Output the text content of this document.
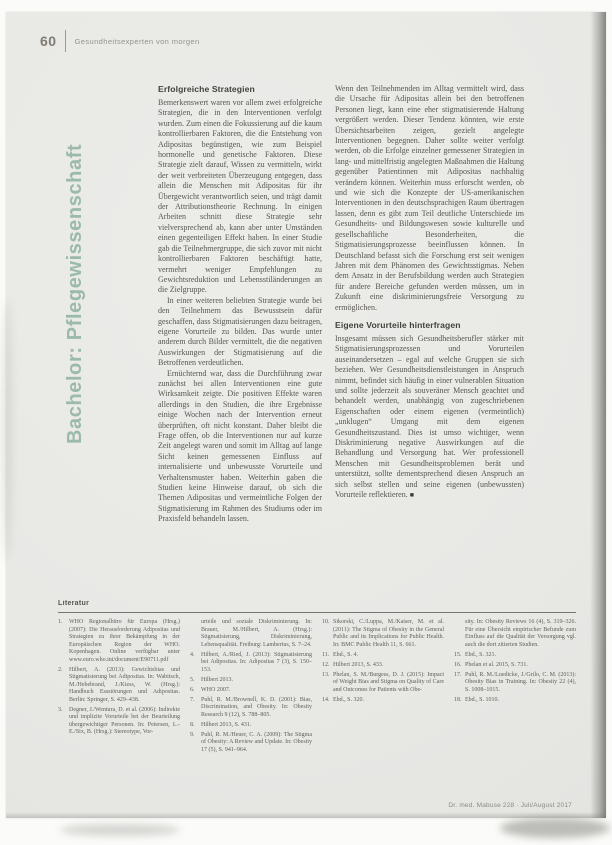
60 Gesundheitsexperten von morgen
Bachelor: Pflegewissenschaft
Erfolgreiche Strategien

Bemerkenswert waren vor allem zwei erfolgreiche Strategien, die in den Interventionen verfolgt wurden. Zum einen die Fokussierung auf die kaum kontrollierbaren Faktoren, die die Entstehung von Adipositas begünstigen, wie zum Beispiel hormonelle und genetische Faktoren. Diese Strategie zielt darauf, Wissen zu vermitteln, wirkt der weit verbreiteten Überzeugung entgegen, dass allein die Menschen mit Adipositas für ihr Übergewicht verantwortlich seien, und trägt damit der Attributionstheorie Rechnung. In einigen Arbeiten schnitt diese Strategie sehr vielversprechend ab, kann aber unter Umständen einen gegenteiligen Effekt haben. In einer Studie gab die Teilnehmergruppe, die sich zuvor mit nicht kontrollierbaren Faktoren beschäftigt hatte, vermehrt weniger Empfehlungen zu Gewichtsreduktion und Lebensstiländerungen an die Zielgruppe.

In einer weiteren beliebten Strategie wurde bei den Teilnehmern das Bewusstsein dafür geschaffen, dass Stigmatisierungen dazu beitragen, eigene Vorurteile zu bilden. Das wurde unter anderem durch Bilder vermittelt, die die negativen Auswirkungen der Stigmatisierung auf die Betroffenen verdeutlichen.

Ernüchternd war, dass die Durchführung zwar zunächst bei allen Interventionen eine gute Wirksamkeit zeigte. Die positiven Effekte waren allerdings in den Studien, die ihre Ergebnisse einige Wochen nach der Intervention erneut überprüften, oft nicht konstant. Daher bleibt die Frage offen, ob die Interventionen nur auf kurze Zeit angelegt waren und somit im Alltag auf lange Sicht keinen gemessenen Einfluss auf internalisierte und unbewusste Vorurteile und Verhaltensmuster haben. Weiterhin gaben die Studien keine Hinweise darauf, ob sich die Themen Adipositas und vermeintliche Folgen der Stigmatisierung im Rahmen des Studiums oder im Praxisfeld behandeln lassen.

Wenn den Teilnehmenden im Alltag vermittelt wird, dass die Ursache für Adipositas allein bei den betroffenen Personen liegt, kann eine eher stigmatisierende Haltung vergrößert werden. Dieser Tendenz könnten, wie erste Übersichtsarbeiten zeigen, gezielt angelegte Interventionen begegnen. Daher sollte weiter verfolgt werden, ob die Erfolge einzelner gemessener Strategien in lang- und mittelfristig angelegten Maßnahmen die Haltung gegenüber Patientinnen mit Adipositas nachhaltig verändern können. Weiterhin muss erforscht werden, ob und wie sich die Konzepte der US-amerikanischen Interventionen in den deutschsprachigen Raum übertragen lassen, denn es gibt zum Teil deutliche Unterschiede im Gesundheits- und Bildungswesen sowie kulturelle und gesellschaftliche Besonderheiten, die Stigmatisierungsprozesse beeinflussen können. In Deutschland befasst sich die Forschung erst seit wenigen Jahren mit dem Phänomen des Gewichtsstigmas. Neben dem Ansatz in der Berufsbildung werden auch Strategien für andere Bereiche gefunden werden müssen, um in Zukunft eine diskriminierungsfreie Versorgung zu ermöglichen.

Eigene Vorurteile hinterfragen

Insgesamt müssen sich Gesundheitsberufler stärker mit Stigmatisierungsprozessen und Vorurteilen auseinandersetzen – egal auf welche Gruppen sie sich beziehen. Wer Gesundheitsdienstleistungen in Anspruch nimmt, befindet sich häufig in einer vulnerablen Situation und sollte jederzeit als souveräner Mensch geachtet und behandelt werden, unabhängig von zugeschriebenen Eigenschaften oder einem eigenen (vermeintlich) „unklugen“ Umgang mit dem eigenen Gesundheitszustand. Dies ist umso wichtiger, wenn Diskriminierung negative Auswirkungen auf die Behandlung und Versorgung hat. Wer professionell Menschen mit Gesundheitsproblemen berät und unterstützt, sollte dementsprechend diesen Anspruch an sich selbst stellen und seine eigenen (unbewussten) Vorurteile reflektieren. ■

Literatur
1. WHO Regionalbüro für Europa (Hrsg.) (2007): Die Herausforderung Adipositas und Strategien zu ihrer Bekämpfung in der Europäischen Region der WHO. Kopenhagen. Online verfügbar unter www.euro.who.int/document/E90711.pdf
2. Hilbert, A. (2013): Gewichtsbias und Stigmatisierung bei Adipositas. In: Wabitsch, M./Hebebrand, J./Kiess, W. (Hrsg.): Handbuch Essstörungen und Adipositas. Berlin: Springer, S. 429–438.
3. Degner, J./Wentura, D. et al. (2006): Indirekte und implizite Vorurteile bei der Beurteilung übergewichtiger Personen. In: Petersen, L.-E./Six, B. (Hrsg.): Stereotype, Vor-
urteile und soziale Diskriminierung. In: Brauer, M./Hilbert, A. (Hrsg.): Stigmatisierung, Diskriminierung, Lebensqualität. Freiburg: Lambertus, S. 7–24.
4. Hilbert, A./Ried, J. (2013): Stigmatisierung bei Adipositas. In: Adipositas 7 (3), S. 150–153.
5. Hilbert 2013.
6. WHO 2007.
7. Puhl, R. M./Brownell, K. D. (2001): Bias, Discrimination, and Obesity. In: Obesity Research 9 (12), S. 788–805.
8. Hilbert 2013, S. 431.
9. Puhl, R. M./Heuer, C. A. (2009): The Stigma of Obesity: A Review and Update. In: Obesity 17 (5), S. 941–964.
10. Sikorski, C./Luppa, M./Kaiser, M. et al. (2011): The Stigma of Obesity in the General Public and its Implications for Public Health. In: BMC Public Health 11, S. 661.
11. Ebd., S. 4.
12. Hilbert 2013, S. 433.
13. Phelan, S. M./Burgess, D. J. (2015): Impact of Weight Bias and Stigma on Quality of Care and Outcomes for Patients with Obe-
14. Ebd., S. 320.
sity. In: Obesity Reviews 16 (4), S. 319–326. Für eine Übersicht empirischer Befunde zum Einfluss auf die Qualität der Versorgung vgl. auch die dort zitierten Studien.
15. Ebd., S. 321.
16. Phelan et al. 2015, S. 731.
17. Puhl, R. M./Luedicke, J./Grilo, C. M. (2013): Obesity Bias in Training. In: Obesity 22 (4), S. 1008–1015.
18. Ebd., S. 1010.
Dr. med. Mabuse 228 · Juli/August 2017
